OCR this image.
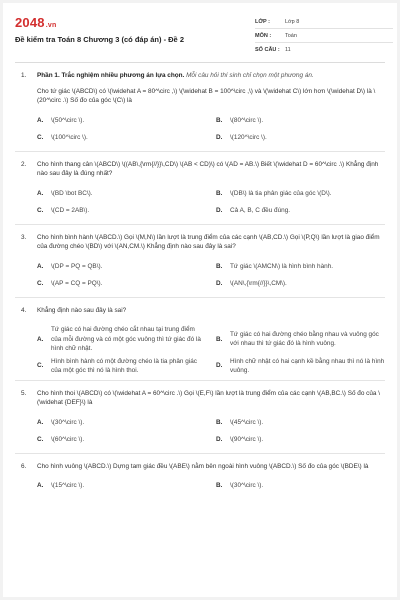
2048.vn
Đề kiểm tra Toán 8 Chương 3 (có đáp án) - Đề 2
LỚP :	Lớp 8
MÔN :	Toán
SỐ CÂU : 11
1. Phần 1. Trắc nghiệm nhiều phương án lựa chọn. Mỗi câu hỏi thí sinh chỉ chọn một phương án.
Cho tứ giác \(ABCD\) có \(\widehat A = 80^\circ ,\) \(\widehat B = 100^\circ ,\) và \(\widehat C\) lớn hơn \(\widehat D\) là \(20^\circ .\) Số đo của góc \(C\) là
A.	\(50^\circ \).	B.	\(80^\circ \).
C.	\(100^\circ \).	D.	\(120^\circ \).
2. Cho hình thang cân \(ABCD\) \((AB\,{\rm{//}}\,CD\) \(AB < CD)\) có \(AD = AB.\) Biết \(\widehat D = 60^\circ .\) Khẳng định nào sau đây là đúng nhất?
A.	\(BD \bot BC\).	B.	\(DB\) là tia phân giác của góc \(D\).
C.	\(CD = 2AB\).	D.	Cả A, B, C đều đúng.
3. Cho hình bình hành \(ABCD.\) Gọi \(M,N\) lần lượt là trung điểm của các cạnh \(AB,CD.\) Gọi \(P,Q\) lần lượt là giao điểm của đường chéo \(BD\) với \(AN,CM.\) Khẳng định nào sau đây là sai?
A.	\(DP = PQ = QB\).	B.	Tứ giác \(AMCN\) là hình bình hành.
C.	\(AP = CQ = PQ\).	D.	\(AN\,{\rm{//}}\,CM\).
4. Khẳng định nào sau đây là sai?
A.
Tứ giác có hai đường chéo cắt nhau tại trung điểm của mỗi đường và có một góc vuông thì tứ giác đó là hình chữ nhật.
B.
Tứ giác có hai đường chéo bằng nhau và vuông góc với nhau thì tứ giác đó là hình vuông.
C.
Hình bình hành có một đường chéo là tia phân giác của một góc thì nó là hình thoi.
D.
Hình chữ nhật có hai cạnh kề bằng nhau thì nó là hình vuông.
5. Cho hình thoi \(ABCD\) có \(\widehat A = 60^\circ .\) Gọi \(E,F\) lần lượt là trung điểm của các cạnh \(AB,BC.\) Số đo của \(\widehat {DEF}\) là
A.	\(30^\circ \).	B.	\(45^\circ \).
C.	\(60^\circ \).	D.	\(90^\circ \).
6. Cho hình vuông \(ABCD.\) Dựng tam giác đều \(ABE\) nằm bên ngoài hình vuông \(ABCD.\) Số đo của góc \(BDE\) là
A.	\(15^\circ \).	B.	\(30^\circ \).
